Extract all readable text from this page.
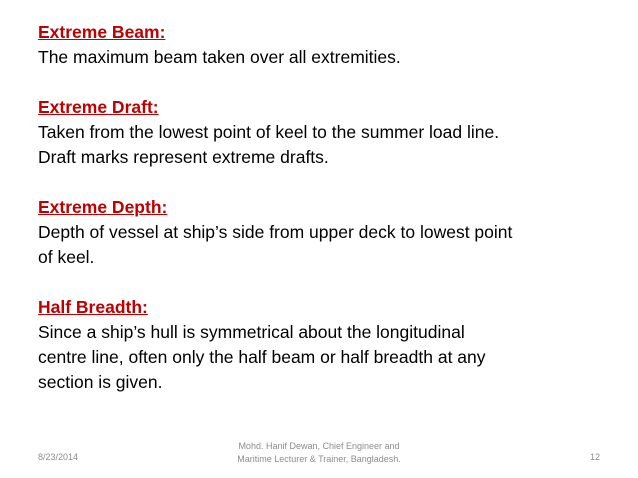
Extreme Beam:
The maximum beam taken over all extremities.
Extreme Draft:
Taken from the lowest point of keel to the summer load line.
Draft marks represent extreme drafts.
Extreme Depth:
Depth of vessel at ship’s side from upper deck to lowest point
of keel.
Half Breadth:
Since a ship’s hull is symmetrical about the longitudinal
centre line, often only the half beam or half breadth at any
section is given.
8/23/2014
Mohd. Hanif Dewan, Chief Engineer and
Maritime Lecturer & Trainer, Bangladesh.	12
